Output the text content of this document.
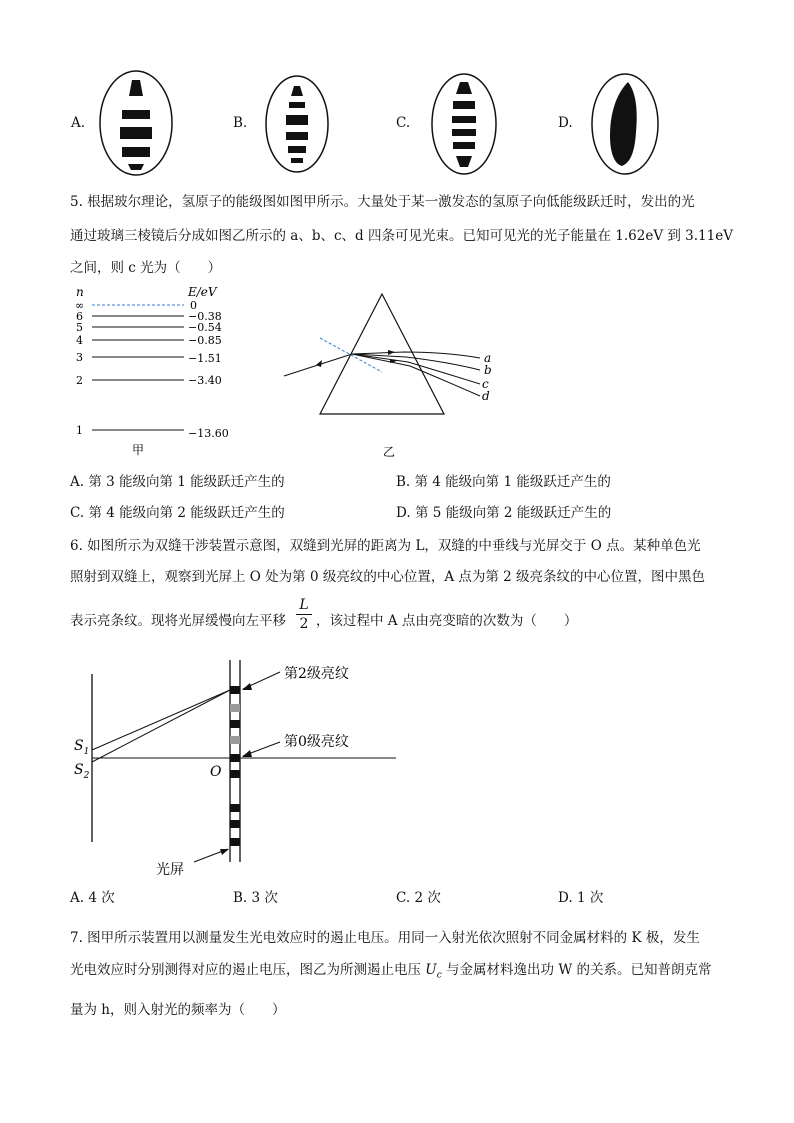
A.	B.	C.	D.
5. 根据玻尔理论，氢原子的能级图如图甲所示。大量处于某一激发态的氢原子向低能级跃迁时，发出的光
通过玻璃三棱镜后分成如图乙所示的 a、b、c、d 四条可见光束。已知可见光的光子能量在 1.62eV 到 3.11eV
之间，则 c 光为（　　）
n	E/eV
∞	0
6	−0.38
5	−0.54
4	−0.85
3	−1.51
2	−3.40
1	−13.60
甲
a
b
c
d
乙
A. 第 3 能级向第 1 能级跃迁产生的	B. 第 4 能级向第 1 能级跃迁产生的
C. 第 4 能级向第 2 能级跃迁产生的	D. 第 5 能级向第 2 能级跃迁产生的
6. 如图所示为双缝干涉装置示意图，双缝到光屏的距离为 L，双缝的中垂线与光屏交于 O 点。某种单色光
照射到双缝上，观察到光屏上 O 处为第 0 级亮纹的中心位置，A 点为第 2 级亮条纹的中心位置，图中黑色
表示亮条纹。现将光屏缓慢向左平移 $\frac{L}{2}$ ，该过程中 A 点由亮变暗的次数为（　　）
第2级亮纹
第0级亮纹
$S_1$
$S_2$	O
光屏
A. 4 次	B. 3 次	C. 2 次	D. 1 次
7. 图甲所示装置用以测量发生光电效应时的遏止电压。用同一入射光依次照射不同金属材料的 K 极，发生
光电效应时分别测得对应的遏止电压，图乙为所测遏止电压 $U_c$ 与金属材料逸出功 W 的关系。已知普朗克常
量为 h，则入射光的频率为（　　）
